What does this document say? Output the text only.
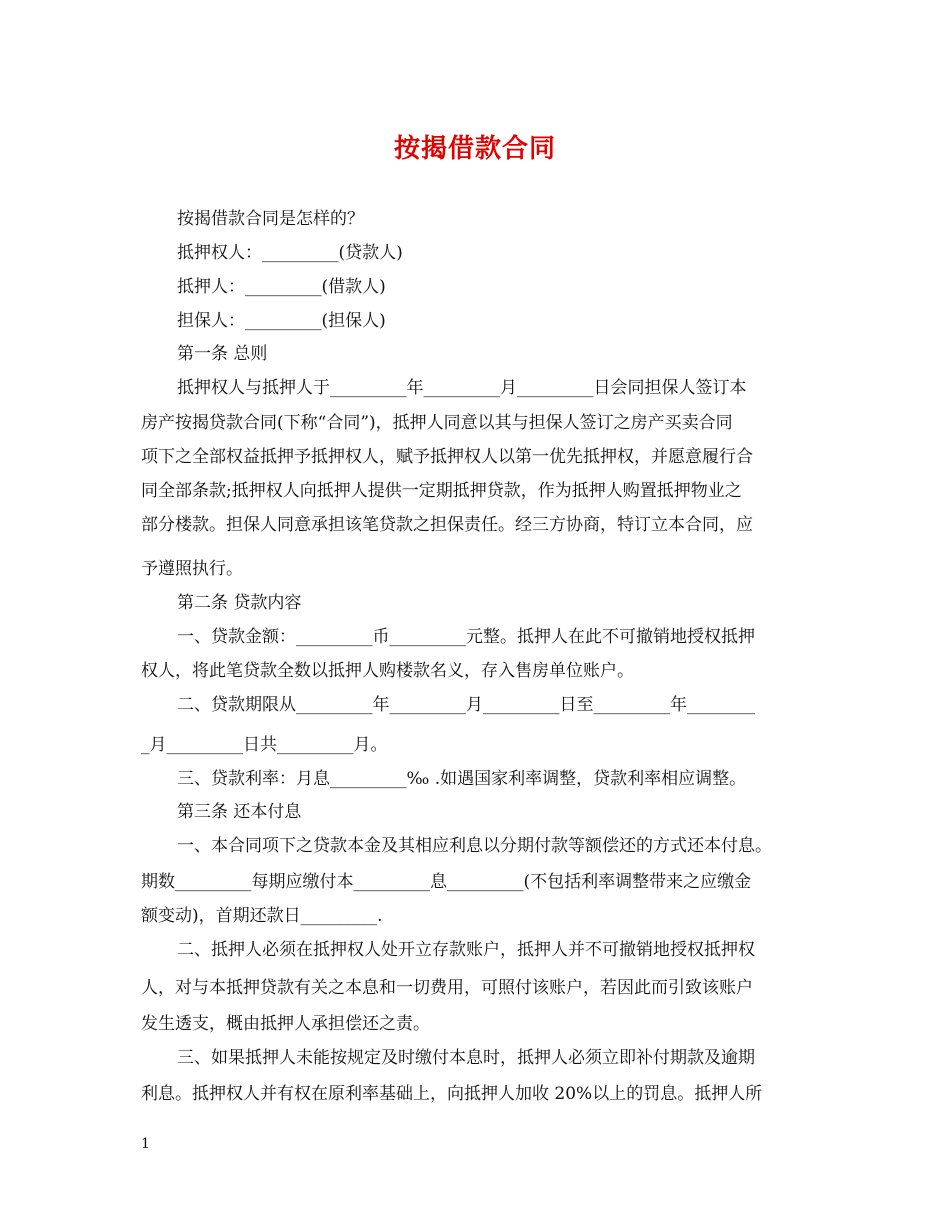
按揭借款合同
按揭借款合同是怎样的？
抵押权人：_________(贷款人)
抵押人：_________(借款人)
担保人：_________(担保人)
第一条 总则
抵押权人与抵押人于_________年_________月_________日会同担保人签订本
房产按揭贷款合同(下称“合同”)，抵押人同意以其与担保人签订之房产买卖合同
项下之全部权益抵押予抵押权人，赋予抵押权人以第一优先抵押权，并愿意履行合
同全部条款;抵押权人向抵押人提供一定期抵押贷款，作为抵押人购置抵押物业之
部分楼款。担保人同意承担该笔贷款之担保责任。经三方协商，特订立本合同，应
予遵照执行。
第二条 贷款内容
一、贷款金额：_________币_________元整。抵押人在此不可撤销地授权抵押
权人，将此笔贷款全数以抵押人购楼款名义，存入售房单位账户。
二、贷款期限从_________年_________月_________日至_________年________
_月_________日共_________月。
三、贷款利率：月息_________‰ .如遇国家利率调整，贷款利率相应调整。
第三条 还本付息
一、本合同项下之贷款本金及其相应利息以分期付款等额偿还的方式还本付息。
期数_________每期应缴付本_________息_________(不包括利率调整带来之应缴金
额变动)，首期还款日_________.
二、抵押人必须在抵押权人处开立存款账户，抵押人并不可撤销地授权抵押权
人，对与本抵押贷款有关之本息和一切费用，可照付该账户，若因此而引致该账户
发生透支，概由抵押人承担偿还之责。
三、如果抵押人未能按规定及时缴付本息时，抵押人必须立即补付期款及逾期
利息。抵押权人并有权在原利率基础上，向抵押人加收 20%以上的罚息。抵押人所
1
